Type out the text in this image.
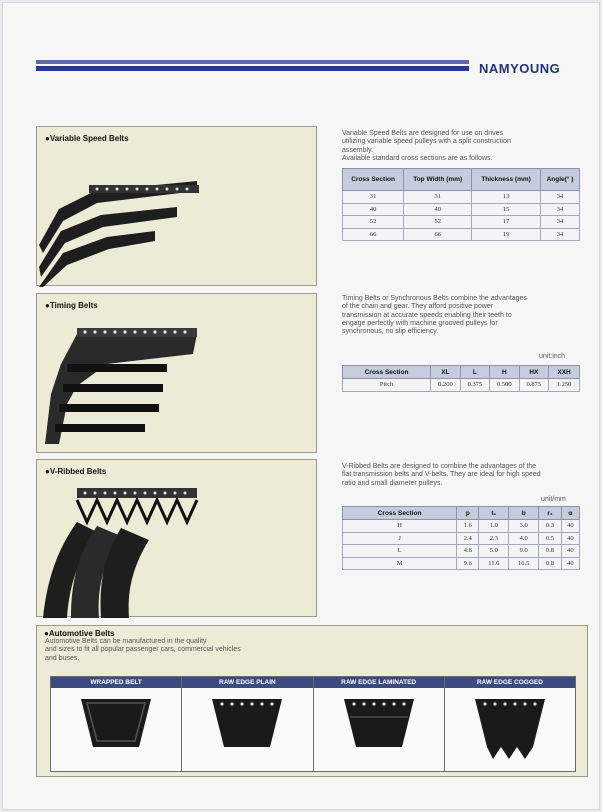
NAMYOUNG
●Variable Speed Belts
Variable Speed Belts are designed for use on drives
utilizing variable speed pulleys with a split construction
assembly.
Available standard cross sections are as follows.
Cross Section	Top Width (mm)	Thickness (mm)	Angle(° )
31	31	13	34
40	40	15	34
52	52	17	34
66	66	19	34
●Timing Belts
Timing Belts or Synchronous Belts combine the advantages
of the chain and gear. They afford positive power
transmission at accurate speeds enabling their teeth to
engage perfectly with machine grooved pulleys for
synchronous, no slip efficiency.
unit:inch
Cross Section	XL	L	H	HX	XXH
Pitch	0.200	0.375	0.500	0.875	1.250
●V-Ribbed Belts
V-Ribbed Belts are designed to combine the advantages of the
flat transmission belts and V-belts. They are ideal for high speed
ratio and small diameter pulleys.
unit/mm
Cross Section	p	t₁	b	r₁	α
H	1.6	1.0	3.0	0.3	40
J	2.4	2.3	4.0	0.5	40
L	4.8	5.0	9.0	0.8	40
M	9.6	11.6	16.5	0.8	40
●Automotive Belts
Automotive Belts can be manufactured in the quality
and sizes to fit all popular passenger cars, commercial vehicles
and buses.
WRAPPED BELT	RAW EDGE PLAIN	RAW EDGE LAMINATED	RAW EDGE COGGED
